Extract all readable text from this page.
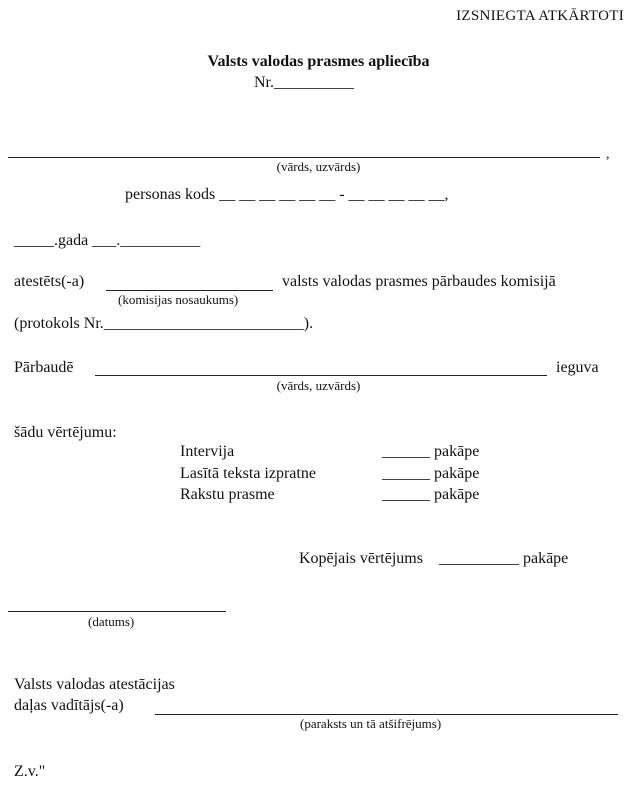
IZSNIEGTA ATKĀRTOTI
Valsts valodas prasmes apliecība
Nr.__________
,
(vārds, uzvārds)
personas kods __ __ __ __ __ __ - __ __ __ __ __,
_____.gada ___.__________
atestēts(-a)	valsts valodas prasmes pārbaudes komisijā
(komisijas nosaukums)
(protokols Nr._________________________).
Pārbaudē	ieguva
(vārds, uzvārds)
šādu vērtējumu:
Intervija	______ pakāpe
Lasītā teksta izpratne	______ pakāpe
Rakstu prasme	______ pakāpe
Kopējais vērtējums    __________ pakāpe
(datums)
Valsts valodas atestācijas
daļas vadītājs(-a)
(paraksts un tā atšifrējums)
Z.v."
